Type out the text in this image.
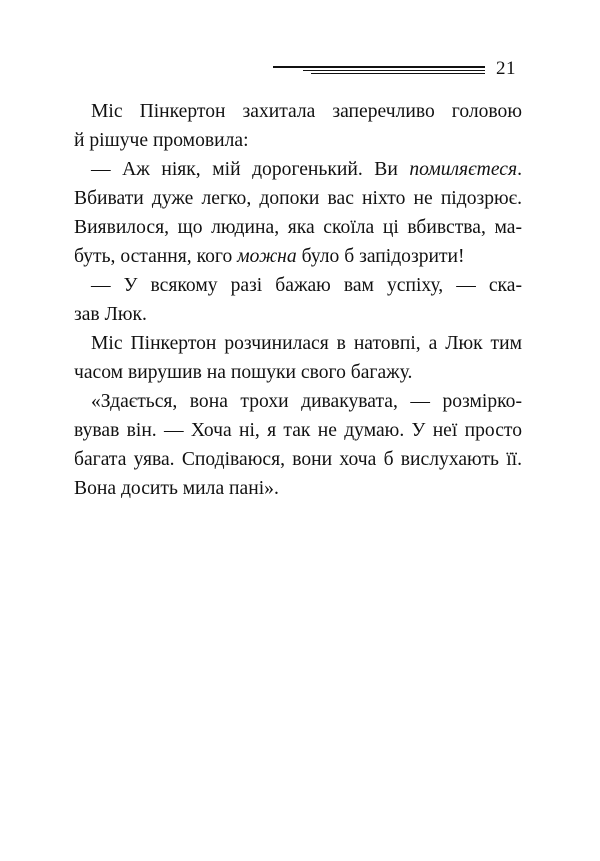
21
Міс Пінкертон захитала заперечливо головою
й рішуче промовила:
— Аж ніяк, мій дорогенький. Ви помиляєтеся.
Вбивати дуже легко, допоки вас ніхто не підозрює.
Виявилося, що людина, яка скоїла ці вбивства, ма-
буть, остання, кого можна було б запідозрити!
— У всякому разі бажаю вам успіху, — ска-
зав Люк.
Міс Пінкертон розчинилася в натовпі, а Люк тим
часом вирушив на пошуки свого багажу.
«Здається, вона трохи дивакувата, — розмірко-
вував він. — Хоча ні, я так не думаю. У неї просто
багата уява. Сподіваюся, вони хоча б вислухають її.
Вона досить мила пані».
